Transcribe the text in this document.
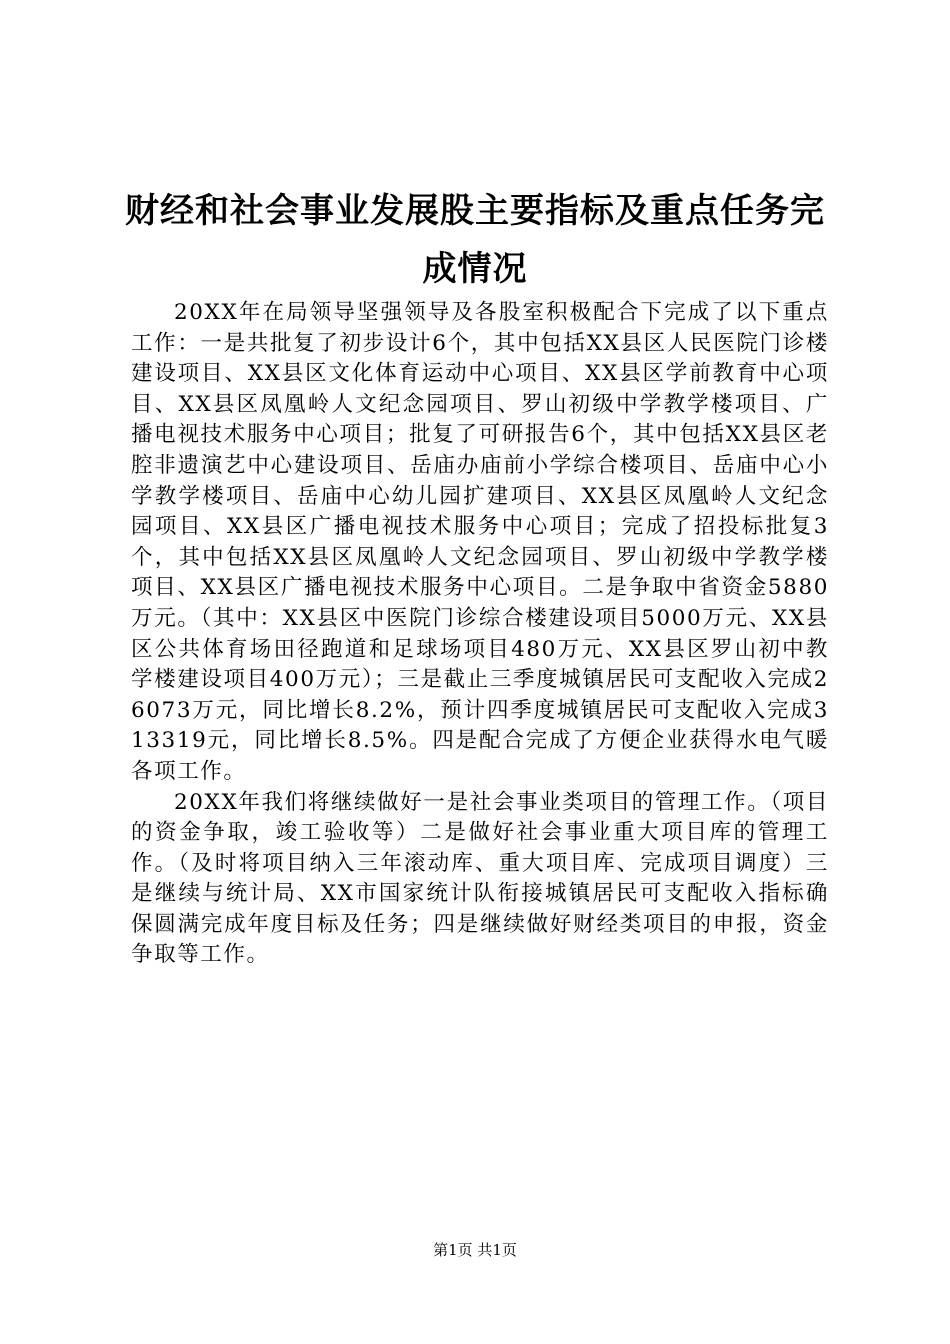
财经和社会事业发展股主要指标及重点任务完成情况

20XX年在局领导坚强领导及各股室积极配合下完成了以下重点工作：一是共批复了初步设计6个，其中包括XX县区人民医院门诊楼建设项目、XX县区文化体育运动中心项目、XX县区学前教育中心项目、XX县区凤凰岭人文纪念园项目、罗山初级中学教学楼项目、广播电视技术服务中心项目；批复了可研报告6个，其中包括XX县区老腔非遗演艺中心建设项目、岳庙办庙前小学综合楼项目、岳庙中心小学教学楼项目、岳庙中心幼儿园扩建项目、XX县区凤凰岭人文纪念园项目、XX县区广播电视技术服务中心项目；完成了招投标批复3个，其中包括XX县区凤凰岭人文纪念园项目、罗山初级中学教学楼项目、XX县区广播电视技术服务中心项目。二是争取中省资金5880万元。（其中：XX县区中医院门诊综合楼建设项目5000万元、XX县区公共体育场田径跑道和足球场项目480万元、XX县区罗山初中教学楼建设项目400万元）；三是截止三季度城镇居民可支配收入完成26073万元，同比增长8.2%，预计四季度城镇居民可支配收入完成313319元，同比增长8.5%。四是配合完成了方便企业获得水电气暖各项工作。

20XX年我们将继续做好一是社会事业类项目的管理工作。（项目的资金争取，竣工验收等）二是做好社会事业重大项目库的管理工作。（及时将项目纳入三年滚动库、重大项目库、完成项目调度）三是继续与统计局、XX市国家统计队衔接城镇居民可支配收入指标确保圆满完成年度目标及任务；四是继续做好财经类项目的申报，资金争取等工作。

第1页 共1页
